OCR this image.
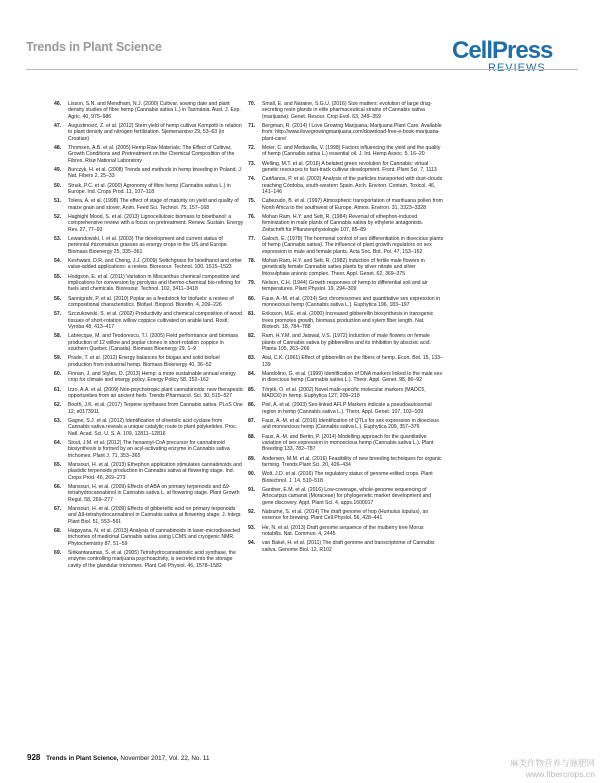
Trends in Plant Science	CellPress
REVIEWS
46. Lisson, S.N. and Mendham, N.J. (2000) Cultivar, sowing date and plant density studies of fibre hemp (Cannabis sativa L.) in Tasmania. Aust. J. Exp. Agric. 40, 975–986
47. Augustinović, Z. et al. (2012) Stem yield of hemp cultivar Kompolti in relation to plant density and nitrogen fertilization. Sjemenarstvo 29, 53–63 (in Croatian)
48. Thomsen, A.B. et al. (2005) Hemp Raw Materials: The Effect of Cultivar, Growth Conditions and Pretreatment on the Chemical Composition of the Fibres, Risø National Laboratory
49. Burczyk, H. et al. (2008) Trends and methods in hemp breeding in Poland. J. Nat. Fibers 2, 25–33
50. Struik, P.C. et al. (2000) Agronomy of fibre hemp (Cannabis sativa L.) in Europe. Ind. Crops Prod. 11, 107–118
51. Tolera, A. et al. (1998) The effect of stage of maturity on yield and quality of maize grain and stover. Anim. Feed Sci. Technol. 75, 157–168
52. Haghighi Mood, S. et al. (2013) Lignocellulosic biomass to bioethanol: a comprehensive review with a focus on pretreatment. Renew. Sustain. Energy Rev. 27, 77–93
53. Lewandowski, I. et al. (2003) The development and current status of perennial rhizomatous grasses as energy crops in the US and Europe. Biomass Bioenergy 25, 335–361
54. Keshwani, D.R. and Cheng, J.J. (2009) Switchgrass for bioethanol and other value-added applications: a review. Bioresour. Technol. 100, 1515–1523
55. Hodgson, E. et al. (2011) Variation in Miscanthus chemical composition and implications for conversion by pyrolysis and thermo-chemical bio-refining for fuels and chemicals. Bioresour. Technol. 102, 3411–3418
56. Sannigrahi, P. et al. (2010) Poplar as a feedstock for biofuels: a review of compositional characteristics. Biofuel. Bioprod. Biorefin. 4, 209–226
57. Szczukowski, S. et al. (2002) Productivity and chemical composition of wood tissues of short-rotation willow coppice cultivated on arable land. Rostl. Vyroba 48, 413–417
58. Labrecque, M. and Teodorescu, T.I. (2005) Field performance and biomass production of 12 willow and poplar clones in short-rotation coppice in southern Quebec (Canada). Biomass Bioenergy 29, 1–9
59. Prade, T. et al. (2012) Energy balances for biogas and solid biofuel production from industrial hemp. Biomass Bioenergy 40, 36–52
60. Finnan, J. and Styles, D. (2013) Hemp: a more sustainable annual energy crop for climate and energy policy. Energy Policy 58, 152–162
61. Izzo, A.A. et al. (2009) Non-psychotropic plant cannabinoids: new therapeutic opportunities from an ancient herb. Trends Pharmacol. Sci. 30, 515–527
62. Booth, J.K. et al. (2017) Terpene synthases from Cannabis sativa. PLoS One 12, e0173911
63. Gagne, S.J. et al. (2012) Identification of olivetolic acid cyclase from Cannabis sativa reveals a unique catalytic route to plant polyketides. Proc. Natl. Acad. Sci. U. S. A. 109, 12811–12816
64. Stout, J.M. et al. (2012) The hexanoyl-CoA precursor for cannabinoid biosynthesis is formed by an acyl-activating enzyme in Cannabis sativa trichomes. Plant J. 71, 353–365
65. Mansouri, H. et al. (2013) Ethephon application stimulates cannabinoids and plastidic terpenoids production in Cannabis sativa at flowering stage. Ind. Crops Prod. 46, 269–273
66. Mansouri, H. et al. (2009) Effects of ABA on primary terpenoids and Δ9-tetrahydrocannabinol in Cannabis sativa L. at flowering stage. Plant Growth Regul. 58, 269–277
67. Mansouri, H. et al. (2009) Effects of gibberellic acid on primary terpenoids and Δ9-tetrahydrocannabinol in Cannabis sativa at flowering stage. J. Integr. Plant Biol. 51, 553–561
68. Happyana, N. et al. (2013) Analysis of cannabinoids in laser-microdissected trichomes of medicinal Cannabis sativa using LCMS and cryogenic NMR. Phytochemistry 87, 51–59
69. Sirikantaramas, S. et al. (2005) Tetrahydrocannabinolic acid synthase, the enzyme controlling marijuana psychoactivity, is secreted into the storage cavity of the glandular trichomes. Plant Cell Physiol. 46, 1578–1582
70. Small, E. and Naraine, S.G.U. (2016) Size matters: evolution of large drug-secreting resin glands in elite pharmaceutical strains of Cannabis sativa (marijuana). Genet. Resour. Crop Evol. 63, 349–359
71. Bergman, R. (2014) I Love Growing Marijuana, Marijuana Plant Care. Available from: http://www.ilovegrowingmarijuana.com/download-free-e-book-marijuana-plant-care/
72. Meier, C. and Mediavilla, V. (1998) Factors influencing the yield and the quality of hemp (Cannabis sativa L.) essential oil. J. Int. Hemp Assoc. 5, 16–20
73. Welling, M.T. et al. (2016) A belated green revolution for Cannabis: virtual genetic resources to fast-track cultivar development. Front. Plant Sci. 7, 1113
74. Cariñanos, P. et al. (2003) Analysis of the particles transported with dust-clouds reaching Córdoba, south-western Spain. Arch. Environ. Contam. Toxicol. 46, 141–146
75. Cabezudo, B. et al. (1997) Atmospheric transportation of marihuana pollen from North Africa to the southwest of Europe. Atmos. Environ. 31, 3323–3328
76. Mohan Ram, H.Y. and Sett, R. (1984) Reversal of ethephon-induced feminization in male plants of Cannabis sativa by ethylene antagonists. Zeitschrift für Pflanzenphysiologie 107, 85–89
77. Galoch, E. (1978) The hormonal control of sex differentiation in dioecious plants of hemp (Cannabis sativa). The influence of plant growth regulators on sex expression in male and female plants. Acta Soc. Bot. Pol. 47, 153–162
78. Mohan Ram, H.Y. and Sett, R. (1982) Induction of fertile male flowers in genetically female Cannabis sativa plants by silver nitrate and silver thiosulphate anionic complex. Theor. Appl. Genet. 62, 369–375
79. Nelson, C.H. (1944) Growth responses of hemp to differential soil and air temperatures. Plant Physiol. 19, 294–309
80. Faux, A.-M. et al. (2014) Sex chromosomes and quantitative sex expression in monoecious hemp (Cannabis sativa L.). Euphytica 196, 183–197
81. Eriksson, M.E. et al. (2000) Increased gibberellin biosynthesis in transgenic trees promotes growth, biomass production and xylem fiber length. Nat. Biotech. 18, 784–788
82. Ram, H.Y.M. and Jaiswal, V.S. (1972) Induction of male flowers on female plants of Cannabis sativa by gibberellins and its inhibition by abscisic acid. Planta 105, 263–266
83. Atal, C.K. (1961) Effect of gibberellin on the fibers of hemp. Econ. Bot. 15, 133–139
84. Mandolino, G. et al. (1999) Identification of DNA markers linked to the male sex in dioecious hemp (Cannabis sativa L.). Theor. Appl. Genet. 98, 86–92
85. Törjék, O. et al. (2002) Novel male-specific molecular markers (MADC5, MADC6) in hemp. Euphytica 127, 209–218
86. Peil, A. et al. (2003) Sex-linked AFLP Markers indicate a pseudoautosomal region in hemp (Cannabis sativa L.). Theor. Appl. Genet. 107, 102–109
87. Faux, A.-M. et al. (2016) Identification of QTLs for sex expression in dioecious and monoecious hemp (Cannabis sativa L.). Euphytica 209, 357–376
88. Faux, A.-M. and Bertin, P. (2014) Modelling approach for the quantitative variation of sex expression in monoecious hemp (Cannabis sativa L.). Plant Breeding 133, 782–787
89. Andersen, M.M. et al. (2016) Feasibility of new breeding techniques for organic farming. Trends Plant Sci. 20, 426–434
90. Wolt, J.D. et al. (2016) The regulatory status of genome-edited crops. Plant Biotechnol. J. 14, 510–518
91. Gardner, E.M. et al. (2016) Low-coverage, whole-genome sequencing of Artocarpus camansi (Moraceae) for phylogenetic marker development and gene discovery. Appl. Plant Sci. 4, apps.1600017
92. Natsume, S. et al. (2014) The draft genome of hop (Humulus lupulus), an essence for brewing. Plant Cell Physiol. 56, 428–441
93. He, N. et al. (2013) Draft genome sequence of the mulberry tree Morus notabilis. Nat. Commun. 4, 2445
94. van Bakel, H. et al. (2011) The draft genome and transcriptome of Cannabis sativa. Genome Biol. 12, R102
928 Trends in Plant Science, November 2017, Vol. 22, No. 11	麻类作物营养与施肥网
www.fibercrops.cn
